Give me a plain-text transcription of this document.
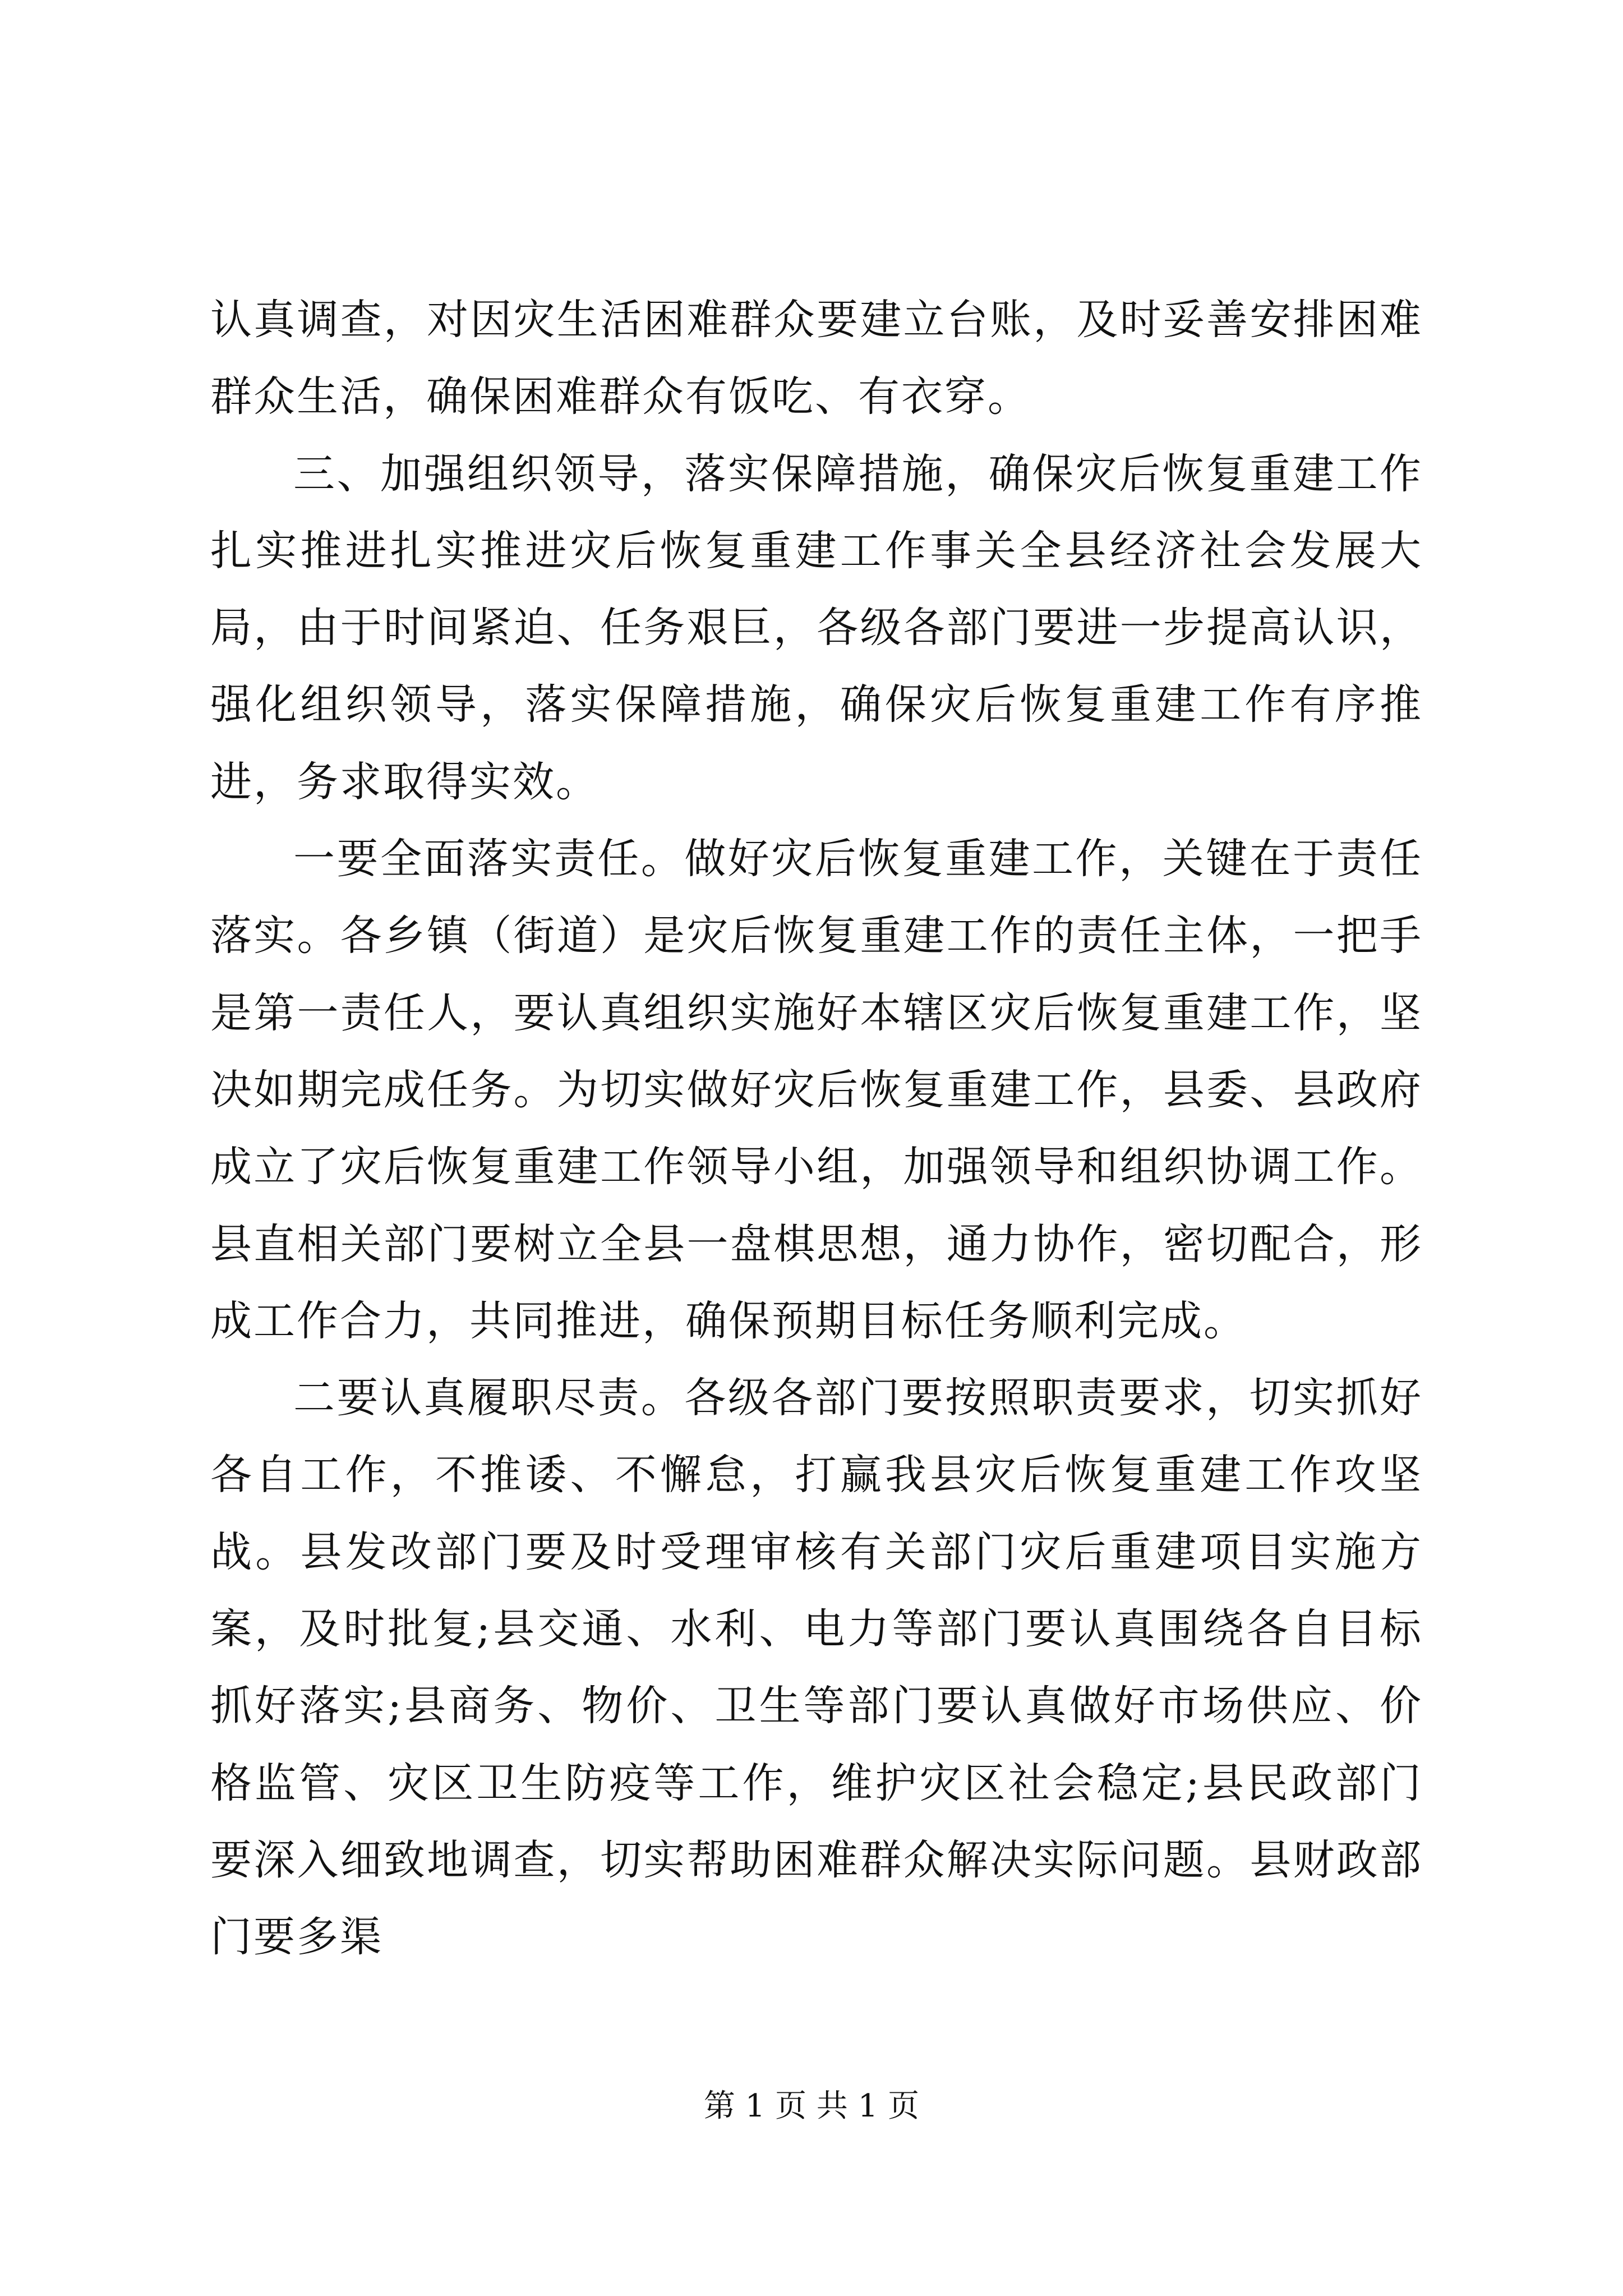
认真调查，对因灾生活困难群众要建立台账，及时妥善安排困难群众生活，确保困难群众有饭吃、有衣穿。

三、加强组织领导，落实保障措施，确保灾后恢复重建工作扎实推进扎实推进灾后恢复重建工作事关全县经济社会发展大局，由于时间紧迫、任务艰巨，各级各部门要进一步提高认识，强化组织领导，落实保障措施，确保灾后恢复重建工作有序推进，务求取得实效。

一要全面落实责任。做好灾后恢复重建工作，关键在于责任落实。各乡镇（街道）是灾后恢复重建工作的责任主体，一把手是第一责任人，要认真组织实施好本辖区灾后恢复重建工作，坚决如期完成任务。为切实做好灾后恢复重建工作，县委、县政府成立了灾后恢复重建工作领导小组，加强领导和组织协调工作。县直相关部门要树立全县一盘棋思想，通力协作，密切配合，形成工作合力，共同推进，确保预期目标任务顺利完成。

二要认真履职尽责。各级各部门要按照职责要求，切实抓好各自工作，不推诿、不懈怠，打赢我县灾后恢复重建工作攻坚战。县发改部门要及时受理审核有关部门灾后重建项目实施方案，及时批复;县交通、水利、电力等部门要认真围绕各自目标抓好落实;县商务、物价、卫生等部门要认真做好市场供应、价格监管、灾区卫生防疫等工作，维护灾区社会稳定;县民政部门要深入细致地调查，切实帮助困难群众解决实际问题。县财政部门要多渠

第 1 页 共 1 页
